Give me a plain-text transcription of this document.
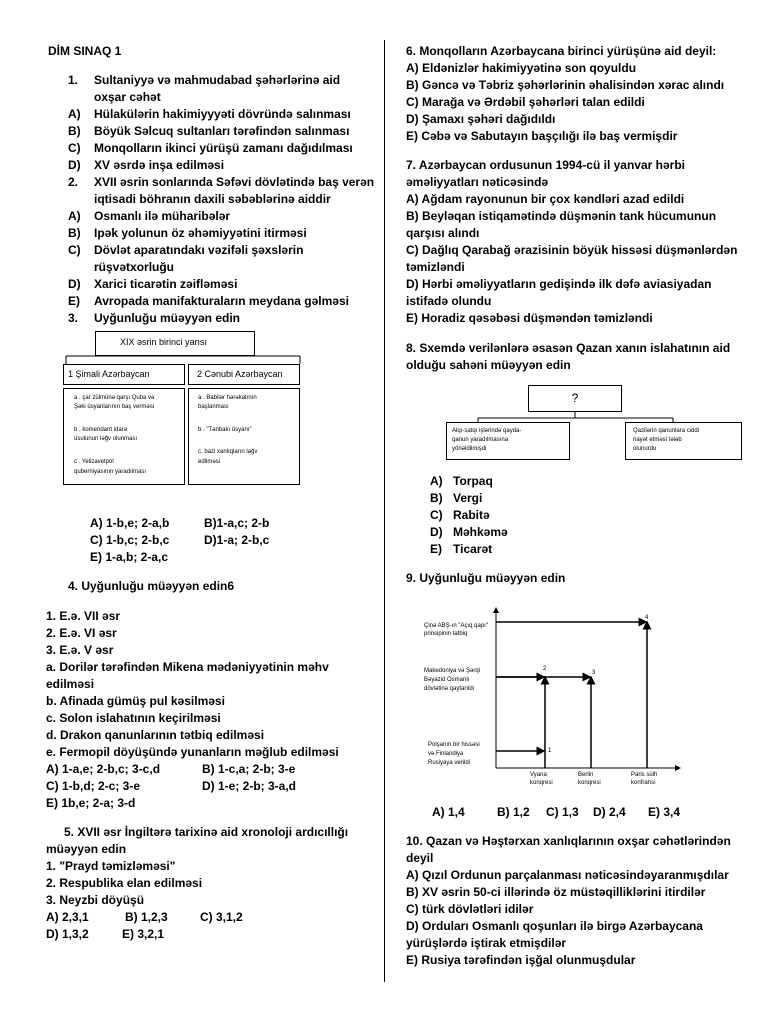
DİM SINAQ 1
1. Sultaniyyə və mahmudabad şəhərlərinə aid
oxşar cəhət
A) Hülakülərin hakimiyyyəti dövründə salınması
B) Böyük Səlcuq sultanları tərəfindən salınması
C) Monqolların ikinci yürüşü zamanı dağıdılması
D) XV əsrdə inşa edilməsi
2. XVII əsrin sonlarında Səfəvi dövlətində baş verən
iqtisadi böhranın daxili səbəblərinə aiddir
A) Osmanlı ilə müharibələr
B) Ipək yolunun öz əhəmiyyətini itirməsi
C) Dövlət aparatındakı vəzifəli şəxslərin
rüşvətxorluğu
D) Xarici ticarətin zəifləməsi
E) Avropada manifakturaların meydana gəlməsi
3. Uyğunluğu müəyyən edin
XIX əsrin birinci yarısı
1 Şimali Azərbaycan	2 Cənubi Azərbaycan
a . çar zülmünə qarşı Quba və
Şəki üsyanlarının baş verməsi
b . komendant idarə
üsulunun ləğv olunması
c . Yelizavetpol
quberniyasının yaradılması
a . Babilər hərəkatının
başlanması
b . "Tənbakı üsyanı"
c. bazi xanlıqların ləğv
edilməsi
A) 1-b,e; 2-a,b	B)1-a,c; 2-b
C) 1-b,c; 2-b,c	D)1-a; 2-b,c
E) 1-a,b; 2-a,c
4. Uyğunluğu müəyyən edin6
1. E.ə. VII əsr
2. E.ə. VI əsr
3. E.ə. V əsr
a. Dorilər tərəfindən Mikena mədəniyyətinin məhv
edilməsi
b. Afinada gümüş pul kəsilməsi
c. Solon islahatının keçirilməsi
d. Drakon qanunlarının tətbiq edilməsi
e. Fermopil döyüşündə yunanların məğlub edilməsi
A) 1-a,e; 2-b,c; 3-c,d	B) 1-c,a; 2-b; 3-e
C) 1-b,d; 2-c; 3-e	D) 1-e; 2-b; 3-a,d
E) 1b,e; 2-a; 3-d
5. XVII əsr İngiltərə tarixinə aid xronoloji ardıcıllığı
müəyyən edin
1. "Prayd təmizləməsi"
2. Respublika elan edilməsi
3. Neyzbi döyüşü
A) 2,3,1	B) 1,2,3	C) 3,1,2
D) 1,3,2	E) 3,2,1
6. Monqolların Azərbaycana birinci yürüşünə aid deyil:
A) Eldənizlər hakimiyyətinə son qoyuldu
B) Gəncə və Təbriz şəhərlərinin əhalisindən xərac alındı
C) Marağa və Ərdəbil şəhərləri talan edildi
D) Şamaxı şəhəri dağıdıldı
E) Cəbə və Sabutayın başçılığı ilə baş vermişdir
7. Azərbaycan ordusunun 1994-cü il yanvar hərbi
əməliyyatları nəticəsində
A) Ağdam rayonunun bir çox kəndləri azad edildi
B) Beyləqan istiqamətində düşmənin tank hücumunun
qarşısı alındı
C) Dağlıq Qarabağ ərazisinin böyük hissəsi düşmənlərdən
təmizləndi
D) Hərbi əməliyyatların gedişində ilk dəfə aviasiyadan
istifadə olundu
E) Horadiz qəsəbəsi düşməndən təmizləndi
8. Sxemdə verilənlərə əsasən Qazan xanın islahatının aid
olduğu sahəni müəyyən edin
?
Alqı-satqı işlərində qayda-
qanun yaradılmasına
yönəldilmişdi
Qazilərin qanunlara ciddi
riayət etməsi tələb
olunurdu
A) Torpaq
B) Vergi
C) Rabitə
D) Məhkəmə
E) Ticarət
9. Uyğunluğu müəyyən edin
Çinə ABŞ-ın "Açıq qapı"
prinsipinin tətbiq
Makedoniya və Şərqi
Bəyazid Osmanlı
dövlətinə qaytarıldı
Polşanın bir hissəsi
və Finlandiya
Rusiyaya verildi
Vyana
konqresi
Berlin
konqresi
Paris sülh
konfransı
1
2
3
4
A) 1,4	B) 1,2 C) 1,3 D) 2,4 E) 3,4
10. Qazan və Həştərxan xanlıqlarının oxşar cəhətlərindən
deyil
A) Qızıl Ordunun parçalanması nəticəsindəyaranmışdılar
B) XV əsrin 50-ci illərində öz müstəqilliklərini itirdilər
C) türk dövlətləri idilər
D) Orduları Osmanlı qoşunları ilə birgə Azərbaycana
yürüşlərdə iştirak etmişdilər
E) Rusiya tərəfindən işğal olunmuşdular
